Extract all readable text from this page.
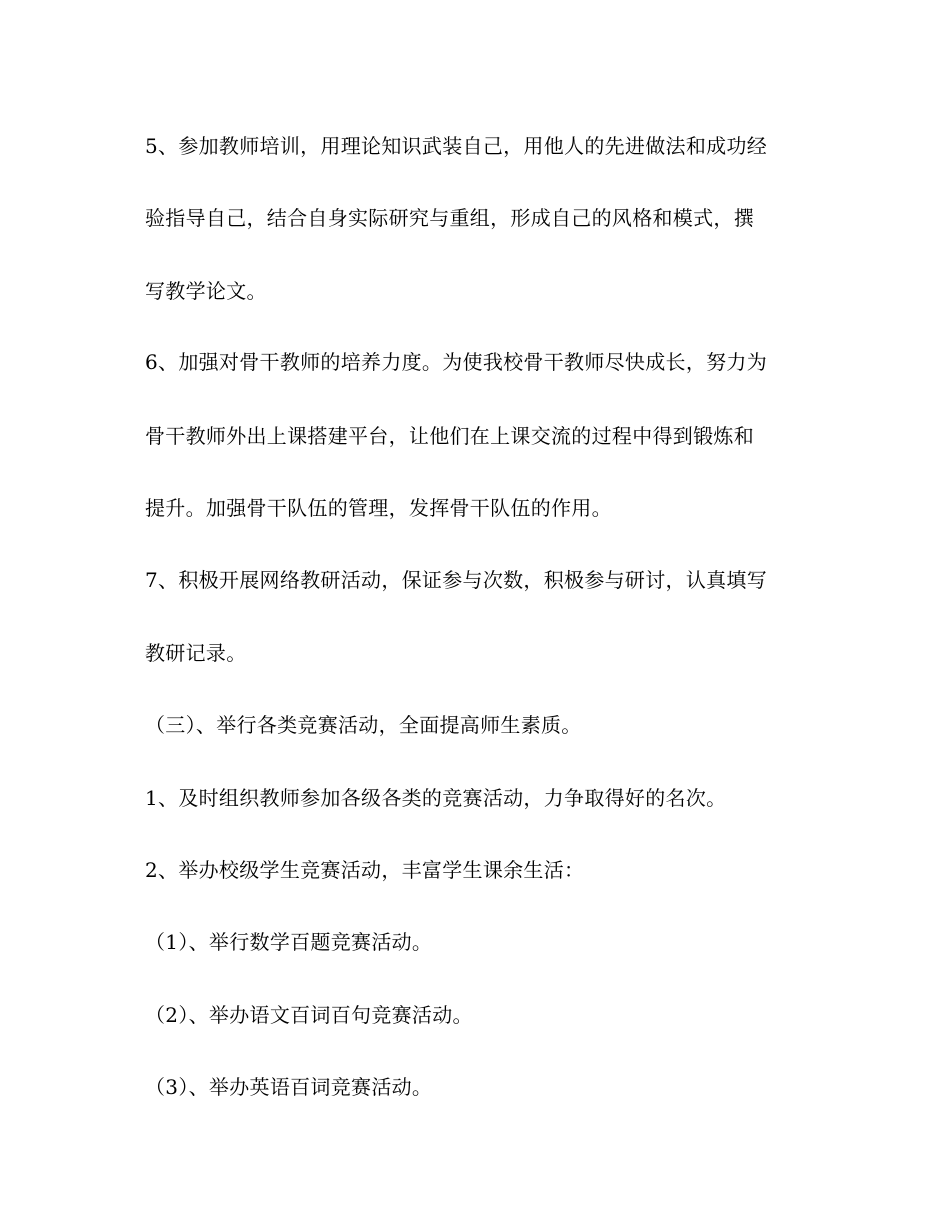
5、参加教师培训，用理论知识武装自己，用他人的先进做法和成功经
验指导自己，结合自身实际研究与重组，形成自己的风格和模式，撰
写教学论文。
6、加强对骨干教师的培养力度。为使我校骨干教师尽快成长，努力为
骨干教师外出上课搭建平台，让他们在上课交流的过程中得到锻炼和
提升。加强骨干队伍的管理，发挥骨干队伍的作用。
7、积极开展网络教研活动，保证参与次数，积极参与研讨，认真填写
教研记录。
（三）、举行各类竞赛活动，全面提高师生素质。
1、及时组织教师参加各级各类的竞赛活动，力争取得好的名次。
2、举办校级学生竞赛活动，丰富学生课余生活：
（1）、举行数学百题竞赛活动。
（2）、举办语文百词百句竞赛活动。
（3）、举办英语百词竞赛活动。
